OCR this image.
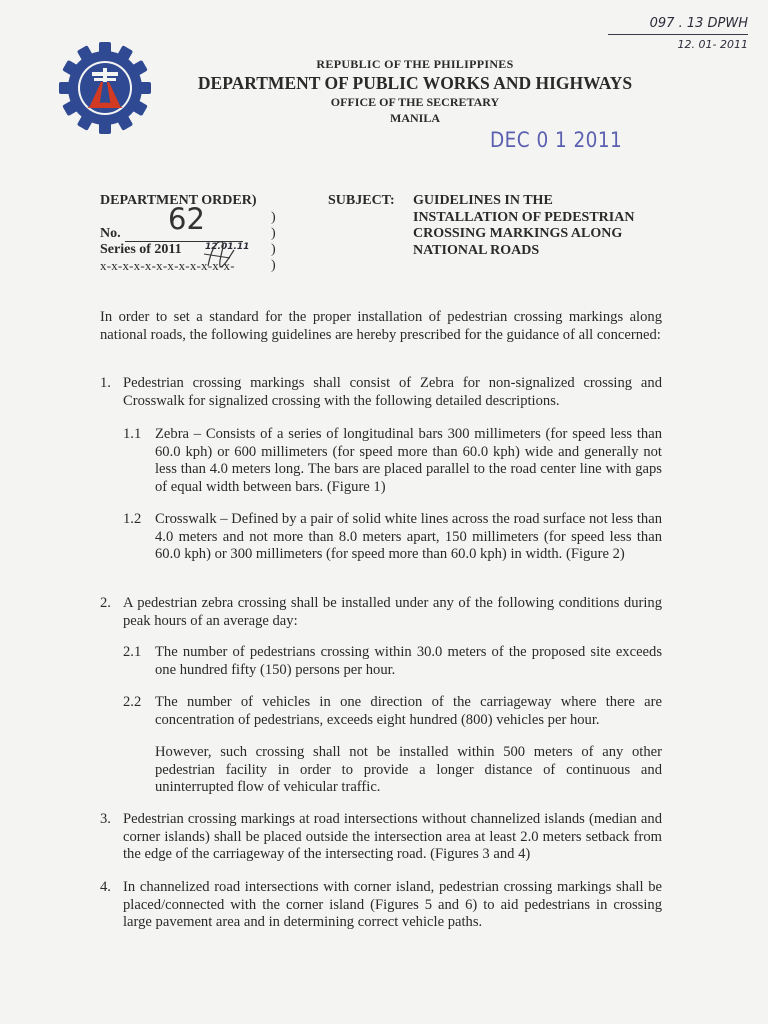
097 . 13 DPWH
12. 01- 2011
REPUBLIC OF THE PHILIPPINES
DEPARTMENT OF PUBLIC WORKS AND HIGHWAYS
OFFICE OF THE SECRETARY
MANILA
DEC 0 1 2011
DEPARTMENT ORDER)
No. 62	)
)
Series of 2011	12.01.11 )
x-x-x-x-x-x-x-x-x-x-x-x-	)
SUBJECT: GUIDELINES IN THE
INSTALLATION OF PEDESTRIAN
CROSSING MARKINGS ALONG
NATIONAL ROADS
In order to set a standard for the proper installation of pedestrian crossing markings along national roads, the following guidelines are hereby prescribed for the guidance of all concerned:
1. Pedestrian crossing markings shall consist of Zebra for non-signalized crossing and Crosswalk for signalized crossing with the following detailed descriptions.
1.1 Zebra – Consists of a series of longitudinal bars 300 millimeters (for speed less than 60.0 kph) or 600 millimeters (for speed more than 60.0 kph) wide and generally not less than 4.0 meters long. The bars are placed parallel to the road center line with gaps of equal width between bars. (Figure 1)
1.2 Crosswalk – Defined by a pair of solid white lines across the road surface not less than 4.0 meters and not more than 8.0 meters apart, 150 millimeters (for speed less than 60.0 kph) or 300 millimeters (for speed more than 60.0 kph) in width. (Figure 2)
2. A pedestrian zebra crossing shall be installed under any of the following conditions during peak hours of an average day:
2.1 The number of pedestrians crossing within 30.0 meters of the proposed site exceeds one hundred fifty (150) persons per hour.
2.2 The number of vehicles in one direction of the carriageway where there are concentration of pedestrians, exceeds eight hundred (800) vehicles per hour.
However, such crossing shall not be installed within 500 meters of any other pedestrian facility in order to provide a longer distance of continuous and uninterrupted flow of vehicular traffic.
3. Pedestrian crossing markings at road intersections without channelized islands (median and corner islands) shall be placed outside the intersection area at least 2.0 meters setback from the edge of the carriageway of the intersecting road. (Figures 3 and 4)
4. In channelized road intersections with corner island, pedestrian crossing markings shall be placed/connected with the corner island (Figures 5 and 6) to aid pedestrians in crossing large pavement area and in determining correct vehicle paths.
